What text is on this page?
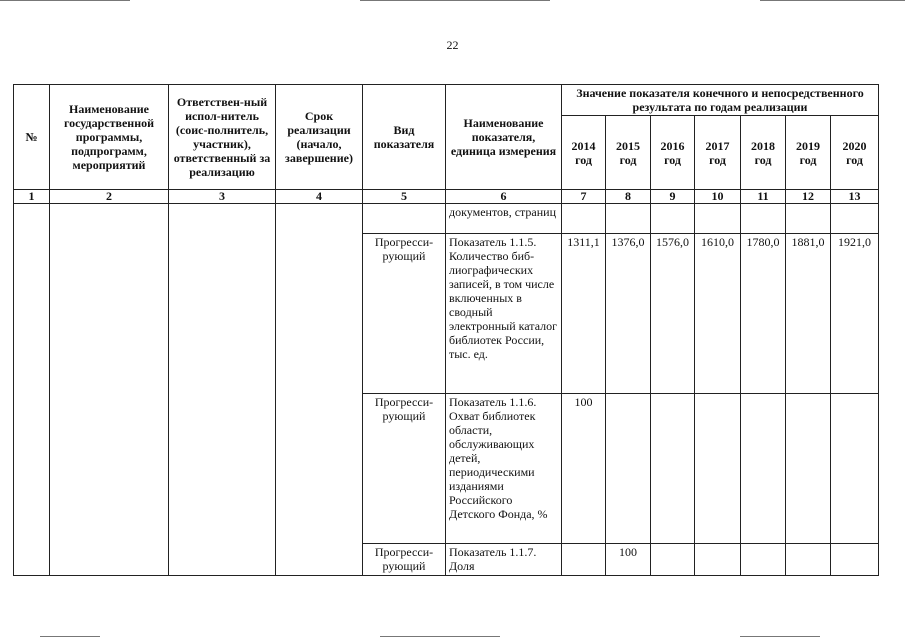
22
№	Наименование государственной программы, подпрограмм, мероприятий	Ответствен-ный испол-нитель (соис-полнитель, участник), ответственный за реализацию	Срок реализации (начало, завершение)	Вид показателя	Наименование показателя, единица измерения	Значение показателя конечного и непосредственного результата по годам реализации						
						2014 год	2015 год	2016 год	2017 год	2018 год	2019 год	2020 год
1	2	3	4	5	6	7	8	9	10	11	12	13
					документов, страниц							
				Прогресси-рующий	Показатель 1.1.5. Количество биб-лиографических записей, в том числе включенных в сводный электронный каталог библиотек России, тыс. ед.	1311,1	1376,0	1576,0	1610,0	1780,0	1881,0	1921,0
				Прогресси-рующий	Показатель 1.1.6. Охват библиотек области, обслуживающих детей, периодическими изданиями Российского Детского Фонда, %	100						
				Прогресси-рующий	Показатель 1.1.7. Доля		100					
